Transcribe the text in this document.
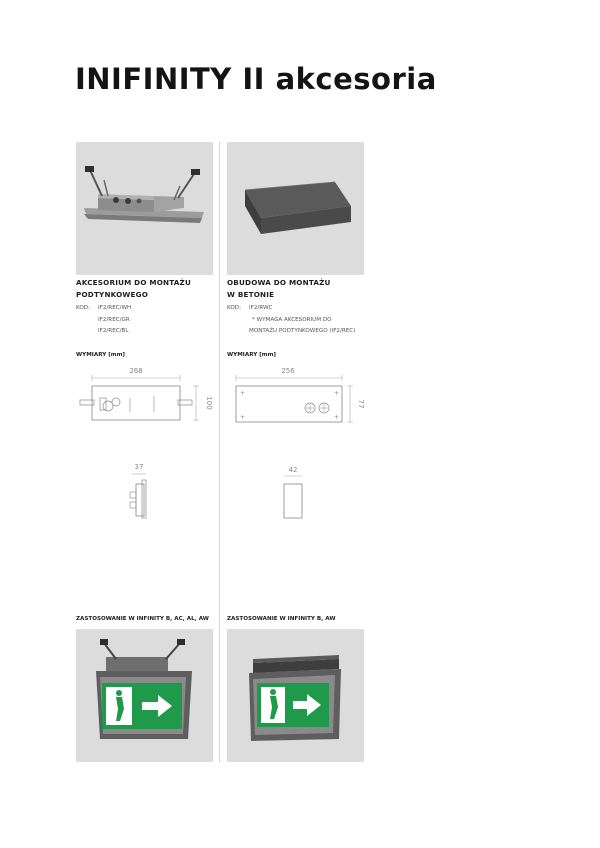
INIFINITY II akcesoria
AKCESORIUM DO MONTAŻU
PODTYNKOWEGO
KOD: IF2/REC/WH
IF2/REC/GR
IF2/REC/BL
WYMIARY [mm]
268
100
37
ZASTOSOWANIE W INFINITY B, AC, AL, AW
OBUDOWA DO MONTAŻU
W BETONIE
KOD: IF2/RWC
* WYMAGA AKCESORIUM DO
MONTAŻU PODTYNKOWEGO (IF2/REC)
WYMIARY [mm]
256
+
+
+
+
77
42
ZASTOSOWANIE W INFINITY B, AW
